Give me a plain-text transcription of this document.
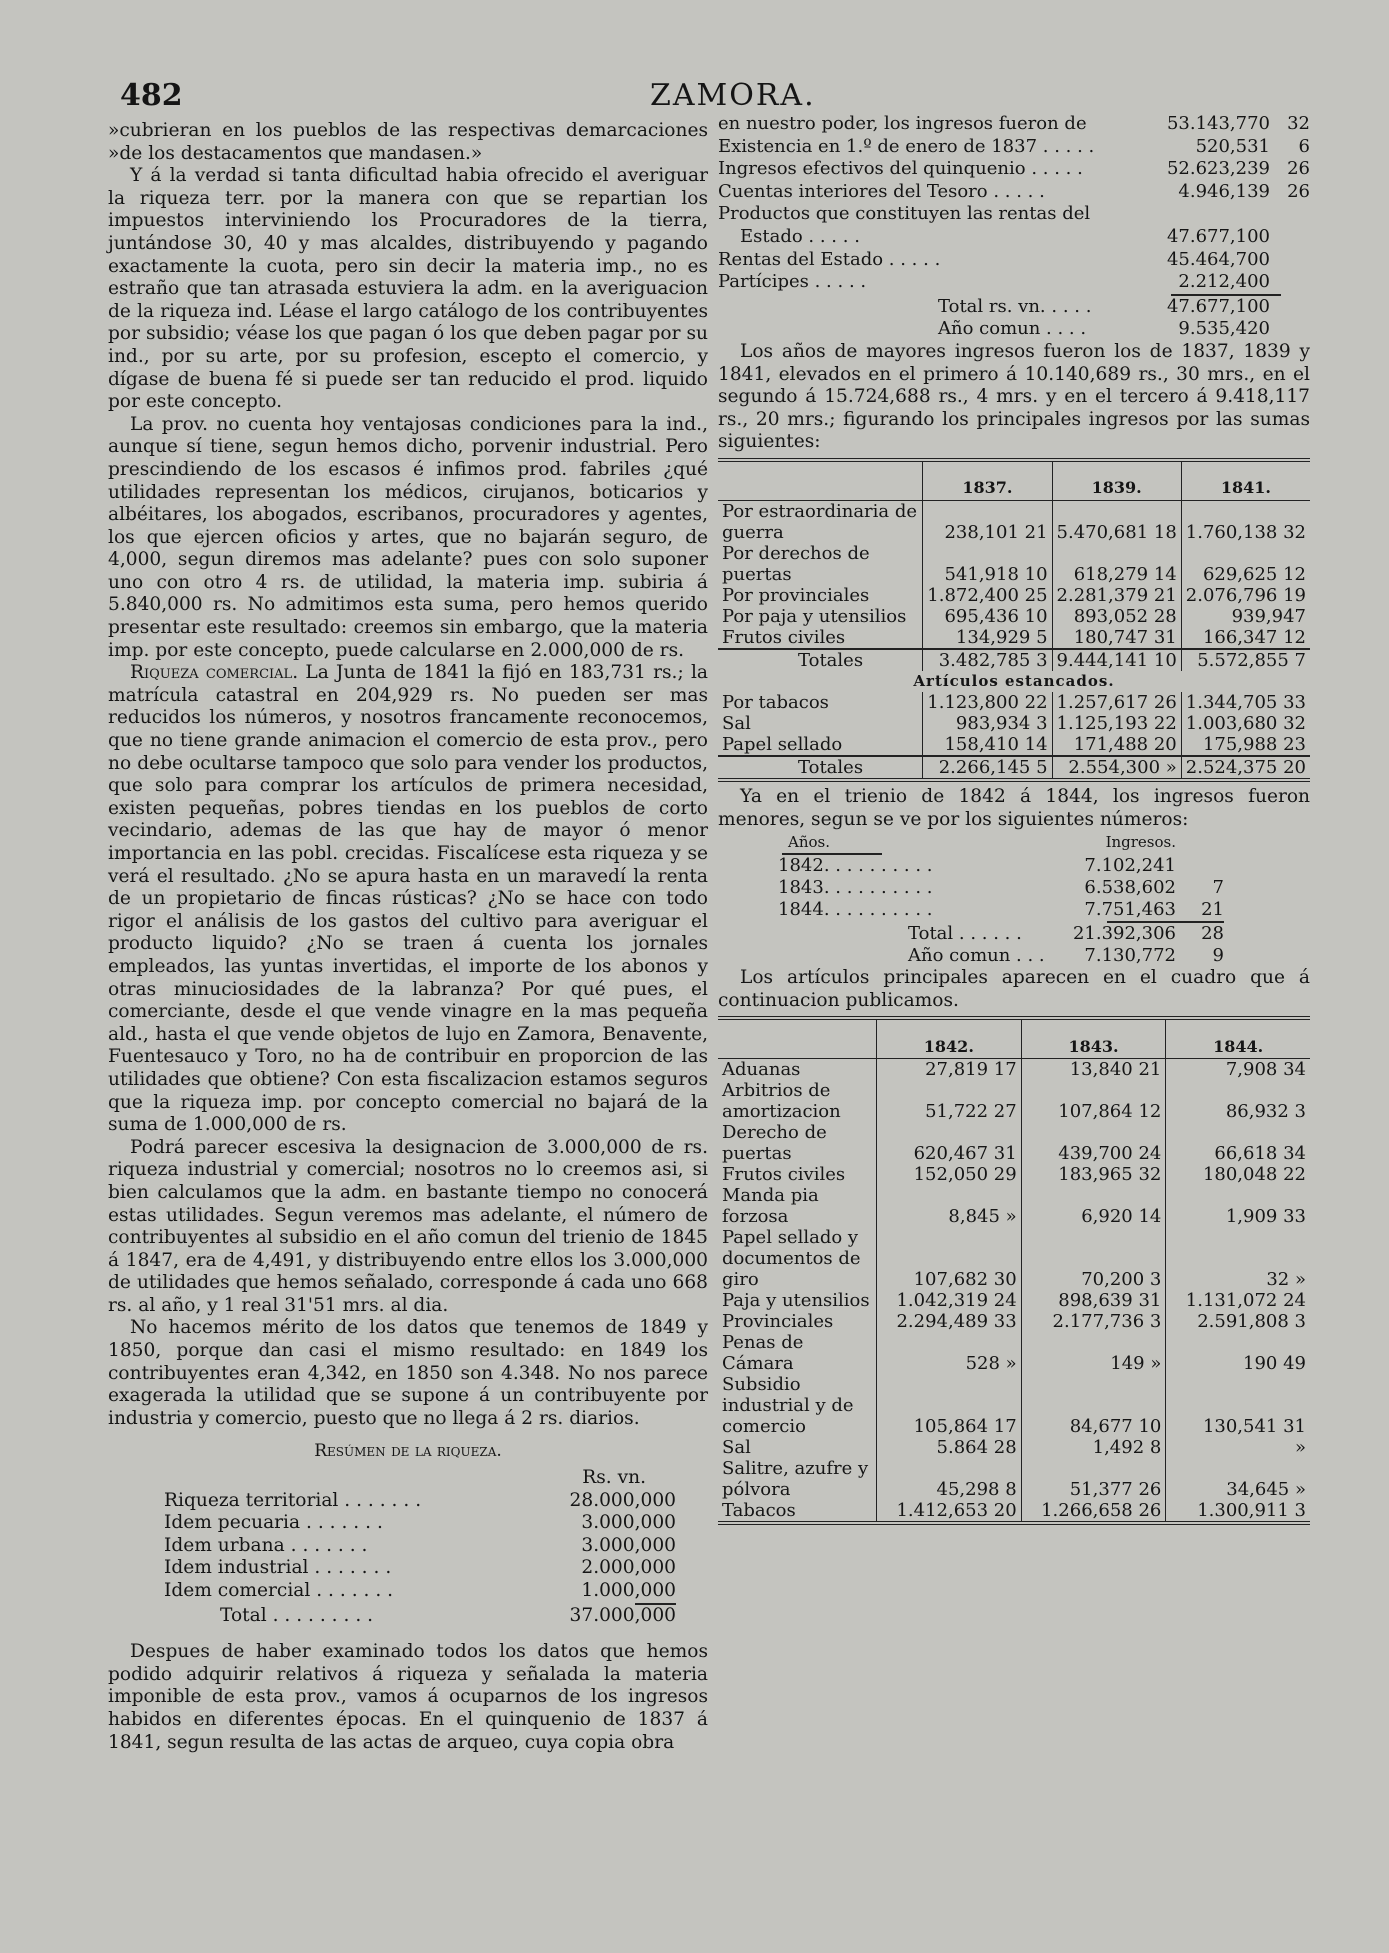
482	ZAMORA.

»cubrieran en los pueblos de las respectivas demarcaciones »de los destacamentos que mandasen.»

Y á la verdad si tanta dificultad habia ofrecido el averiguar la riqueza terr. por la manera con que se repartian los impuestos interviniendo los Procuradores de la tierra, juntándose 30, 40 y mas alcaldes, distribuyendo y pagando exactamente la cuota, pero sin decir la materia imp., no es estraño que tan atrasada estuviera la adm. en la averiguacion de la riqueza ind. Léase el largo catálogo de los contribuyentes por subsidio; véase los que pagan ó los que deben pagar por su ind., por su arte, por su profesion, escepto el comercio, y dígase de buena fé si puede ser tan reducido el prod. liquido por este concepto.

La prov. no cuenta hoy ventajosas condiciones para la ind., aunque sí tiene, segun hemos dicho, porvenir industrial. Pero prescindiendo de los escasos é infimos prod. fabriles ¿qué utilidades representan los médicos, cirujanos, boticarios y albéitares, los abogados, escribanos, procuradores y agentes, los que ejercen oficios y artes, que no bajarán seguro, de 4,000, segun diremos mas adelante? pues con solo suponer uno con otro 4 rs. de utilidad, la materia imp. subiria á 5.840,000 rs. No admitimos esta suma, pero hemos querido presentar este resultado: creemos sin embargo, que la materia imp. por este concepto, puede calcularse en 2.000,000 de rs.

Riqueza comercial. La Junta de 1841 la fijó en 183,731 rs.; la matrícula catastral en 204,929 rs. No pueden ser mas reducidos los números, y nosotros francamente reconocemos, que no tiene grande animacion el comercio de esta prov., pero no debe ocultarse tampoco que solo para vender los productos, que solo para comprar los artículos de primera necesidad, existen pequeñas, pobres tiendas en los pueblos de corto vecindario, ademas de las que hay de mayor ó menor importancia en las pobl. crecidas. Fiscalícese esta riqueza y se verá el resultado. ¿No se apura hasta en un maravedí la renta de un propietario de fincas rústicas? ¿No se hace con todo rigor el análisis de los gastos del cultivo para averiguar el producto liquido? ¿No se traen á cuenta los jornales empleados, las yuntas invertidas, el importe de los abonos y otras minuciosidades de la labranza? Por qué pues, el comerciante, desde el que vende vinagre en la mas pequeña ald., hasta el que vende objetos de lujo en Zamora, Benavente, Fuentesauco y Toro, no ha de contribuir en proporcion de las utilidades que obtiene? Con esta fiscalizacion estamos seguros que la riqueza imp. por concepto comercial no bajará de la suma de 1.000,000 de rs.

Podrá parecer escesiva la designacion de 3.000,000 de rs. riqueza industrial y comercial; nosotros no lo creemos asi, si bien calculamos que la adm. en bastante tiempo no conocerá estas utilidades. Segun veremos mas adelante, el número de contribuyentes al subsidio en el año comun del trienio de 1845 á 1847, era de 4,491, y distribuyendo entre ellos los 3.000,000 de utilidades que hemos señalado, corresponde á cada uno 668 rs. al año, y 1 real 31'51 mrs. al dia.

No hacemos mérito de los datos que tenemos de 1849 y 1850, porque dan casi el mismo resultado: en 1849 los contribuyentes eran 4,342, en 1850 son 4.348. No nos parece exagerada la utilidad que se supone á un contribuyente por industria y comercio, puesto que no llega á 2 rs. diarios.

Resúmen de la riqueza.
	Rs. vn.
Riqueza territorial . . . . . . .	28.000,000
Idem pecuaria . . . . . . .	3.000,000
Idem urbana . . . . . . .	3.000,000
Idem industrial . . . . . . .	2.000,000
Idem comercial . . . . . . .	1.000,000

Total . . . . . . . . .	37.000,000

Despues de haber examinado todos los datos que hemos podido adquirir relativos á riqueza y señalada la materia imponible de esta prov., vamos á ocuparnos de los ingresos habidos en diferentes épocas. En el quinquenio de 1837 á 1841, segun resulta de las actas de arqueo, cuya copia obra

en nuestro poder, los ingresos fueron de	53.143,770	32
Existencia en 1.º de enero de 1837 . . . . .	520,531	6
Ingresos efectivos del quinquenio . . . . .	52.623,239	26
Cuentas interiores del Tesoro . . . . .	4.946,139	26
Productos que constituyen las rentas del		
Estado . . . . .	47.677,100	
Rentas del Estado . . . . .	45.464,700	
Partícipes . . . . .	2.212,400	

Total rs. vn. . . . .	47.677,100	
Año comun . . . .	9.535,420	

Los años de mayores ingresos fueron los de 1837, 1839 y 1841, elevados en el primero á 10.140,689 rs., 30 mrs., en el segundo á 15.724,688 rs., 4 mrs. y en el tercero á 9.418,117 rs., 20 mrs.; figurando los principales ingresos por las sumas siguientes:

	1837.	1839.	1841.
Por estraordinaria de guerra	238,101 21	5.470,681 18	1.760,138 32
Por derechos de puertas	541,918 10	618,279 14	629,625 12
Por provinciales	1.872,400 25	2.281,379 21	2.076,796 19
Por paja y utensilios	695,436 10	893,052 28	939,947
Frutos civiles	134,929 5	180,747 31	166,347 12
Totales	3.482,785 3	9.444,141 10	5.572,855 7
Artículos estancados.			
Por tabacos	1.123,800 22	1.257,617 26	1.344,705 33
Sal	983,934 3	1.125,193 22	1.003,680 32
Papel sellado	158,410 14	171,488 20	175,988 23
Totales	2.266,145 5	2.554,300 »	2.524,375 20

Ya en el trienio de 1842 á 1844, los ingresos fueron menores, segun se ve por los siguientes números:

Años.	Ingresos.	

1842. . . . . . . . . .	7.102,241	
1843. . . . . . . . . .	6.538,602	7
1844. . . . . . . . . .	7.751,463	21

Total . . . . . .	21.392,306	28
Año comun . . .	7.130,772	9

Los artículos principales aparecen en el cuadro que á continuacion publicamos.

	1842.	1843.	1844.
Aduanas	27,819 17	13,840 21	7,908 34
Arbitrios de amortizacion	51,722 27	107,864 12	86,932 3
Derecho de puertas	620,467 31	439,700 24	66,618 34
Frutos civiles	152,050 29	183,965 32	180,048 22
Manda pia forzosa	8,845 »	6,920 14	1,909 33
Papel sellado y documentos de giro	107,682 30	70,200 3	32 »
Paja y utensilios	1.042,319 24	898,639 31	1.131,072 24
Provinciales	2.294,489 33	2.177,736 3	2.591,808 3
Penas de Cámara	528 »	149 »	190 49
Subsidio industrial y de comercio	105,864 17	84,677 10	130,541 31
Sal	5.864 28	1,492 8	»
Salitre, azufre y pólvora	45,298 8	51,377 26	34,645 »
Tabacos	1.412,653 20	1.266,658 26	1.300,911 3
